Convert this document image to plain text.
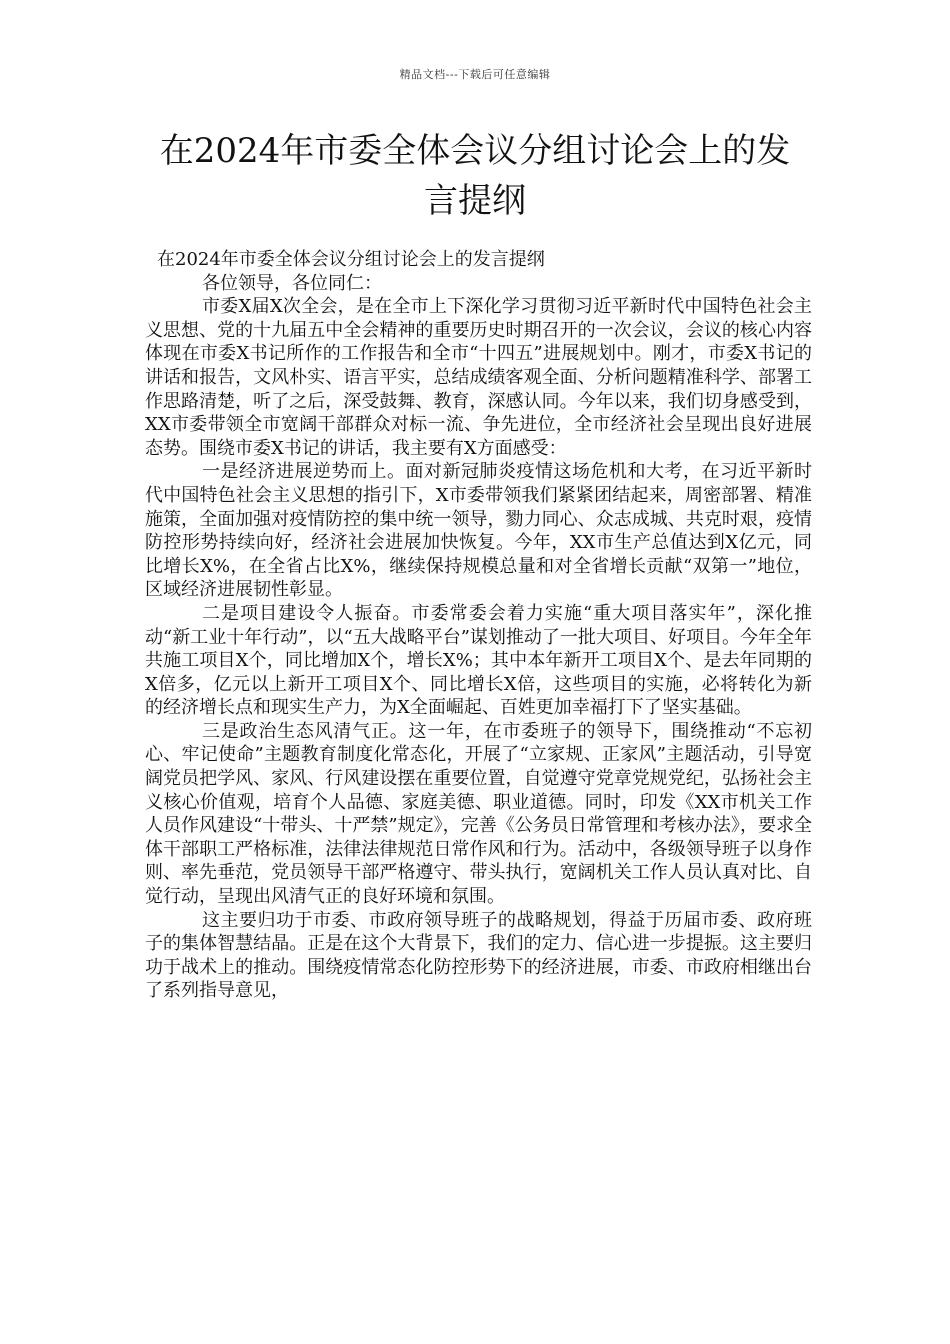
精品文档---下载后可任意编辑
在2024年市委全体会议分组讨论会上的发言提纲

在2024年市委全体会议分组讨论会上的发言提纲

各位领导，各位同仁：

市委X届X次全会，是在全市上下深化学习贯彻习近平新时代中国特色社会主义思想、党的十九届五中全会精神的重要历史时期召开的一次会议，会议的核心内容体现在市委X书记所作的工作报告和全市“十四五”进展规划中。刚才，市委X书记的讲话和报告，文风朴实、语言平实，总结成绩客观全面、分析问题精准科学、部署工作思路清楚，听了之后，深受鼓舞、教育，深感认同。今年以来，我们切身感受到，XX市委带领全市宽阔干部群众对标一流、争先进位，全市经济社会呈现出良好进展态势。围绕市委X书记的讲话，我主要有X方面感受：

一是经济进展逆势而上。面对新冠肺炎疫情这场危机和大考，在习近平新时代中国特色社会主义思想的指引下，X市委带领我们紧紧团结起来，周密部署、精准施策，全面加强对疫情防控的集中统一领导，勠力同心、众志成城、共克时艰，疫情防控形势持续向好，经济社会进展加快恢复。今年，XX市生产总值达到X亿元，同比增长X%，在全省占比X%，继续保持规模总量和对全省增长贡献“双第一”地位，区域经济进展韧性彰显。

二是项目建设令人振奋。市委常委会着力实施“重大项目落实年”，深化推动“新工业十年行动”，以“五大战略平台”谋划推动了一批大项目、好项目。今年全年共施工项目X个，同比增加X个，增长X%；其中本年新开工项目X个、是去年同期的X倍多，亿元以上新开工项目X个、同比增长X倍，这些项目的实施，必将转化为新的经济增长点和现实生产力，为X全面崛起、百姓更加幸福打下了坚实基础。

三是政治生态风清气正。这一年，在市委班子的领导下，围绕推动“不忘初心、牢记使命”主题教育制度化常态化，开展了“立家规、正家风”主题活动，引导宽阔党员把学风、家风、行风建设摆在重要位置，自觉遵守党章党规党纪，弘扬社会主义核心价值观，培育个人品德、家庭美德、职业道德。同时，印发《XX市机关工作人员作风建设“十带头、十严禁”规定》，完善《公务员日常管理和考核办法》，要求全体干部职工严格标准，法律法律规范日常作风和行为。活动中，各级领导班子以身作则、率先垂范，党员领导干部严格遵守、带头执行，宽阔机关工作人员认真对比、自觉行动，呈现出风清气正的良好环境和氛围。

这主要归功于市委、市政府领导班子的战略规划，得益于历届市委、政府班子的集体智慧结晶。正是在这个大背景下，我们的定力、信心进一步提振。这主要归功于战术上的推动。围绕疫情常态化防控形势下的经济进展，市委、市政府相继出台了系列指导意见，
